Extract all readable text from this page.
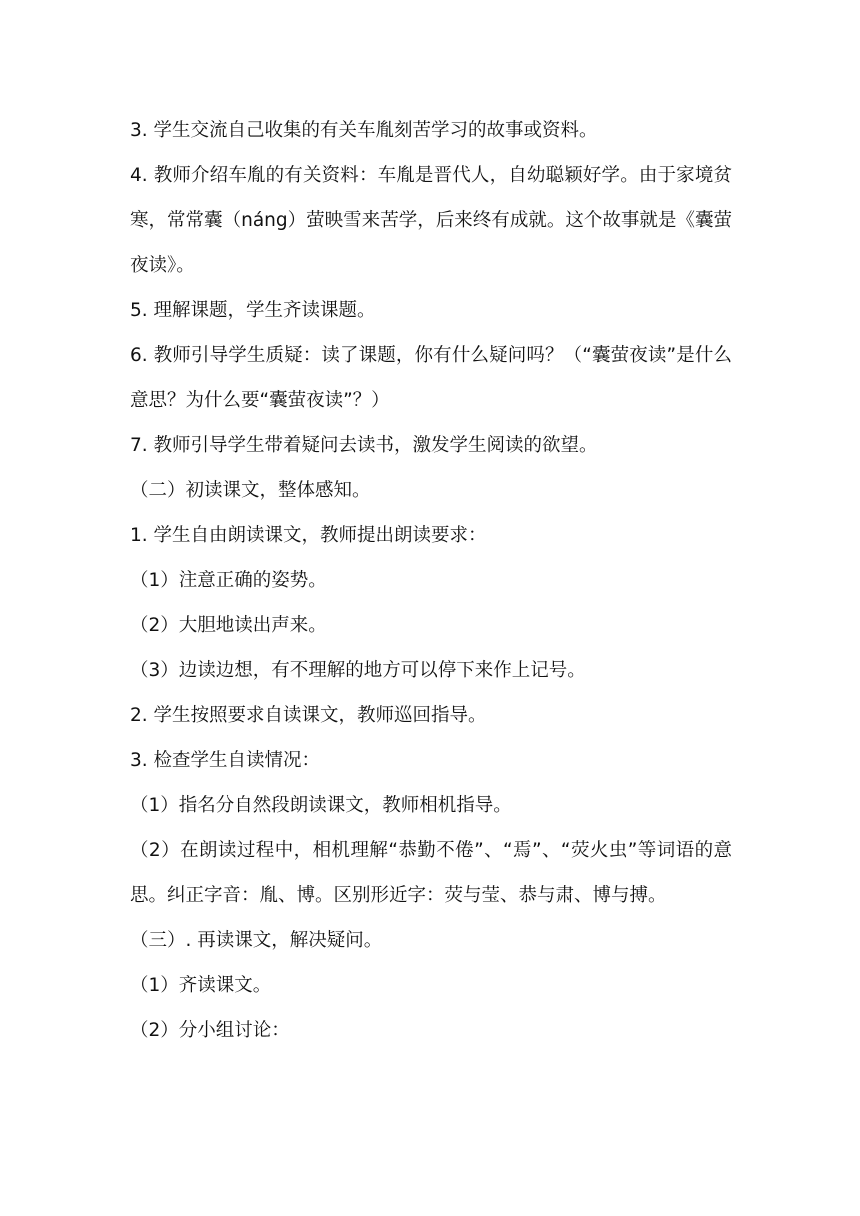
3. 学生交流自己收集的有关车胤刻苦学习的故事或资料。

4. 教师介绍车胤的有关资料：车胤是晋代人，自幼聪颖好学。由于家境贫寒，常常囊（náng）萤映雪来苦学，后来终有成就。这个故事就是《囊萤夜读》。

5. 理解课题，学生齐读课题。

6. 教师引导学生质疑：读了课题，你有什么疑问吗？（“囊萤夜读”是什么意思？为什么要“囊萤夜读”？）

7. 教师引导学生带着疑问去读书，激发学生阅读的欲望。

（二）初读课文，整体感知。

1. 学生自由朗读课文，教师提出朗读要求：

（1）注意正确的姿势。

（2）大胆地读出声来。

（3）边读边想，有不理解的地方可以停下来作上记号。

2. 学生按照要求自读课文，教师巡回指导。

3. 检查学生自读情况：

（1）指名分自然段朗读课文，教师相机指导。

（2）在朗读过程中，相机理解“恭勤不倦”、“焉”、“荧火虫”等词语的意思。纠正字音：胤、博。区别形近字：荧与莹、恭与肃、博与搏。

（三）. 再读课文，解决疑问。

（1）齐读课文。

（2）分小组讨论：
